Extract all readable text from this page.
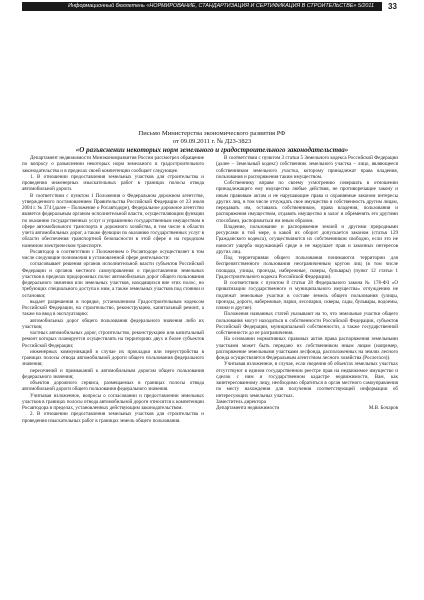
Информационный бюллетень «НОРМИРОВАНИЕ, СТАНДАРТИЗАЦИЯ И СЕРТИФИКАЦИЯ В СТРОИТЕЛЬСТВЕ» 5/2011	33
Письмо Министерства экономического развития РФ
от 09.09.2011 г. № Д23-3823
«О разъяснении некоторых норм земельного и градостроительного законодательства»

Департамент недвижимости Минэкономразвития России рассмотрел обращение по вопросу о разъяснении некоторых норм земельного и градостроительного законодательства и в пределах своей компетенции сообщает следующее.

1. В отношении предоставления земельных участков для строительства и проведения инженерных изыскательных работ в границах полосы отвода автомобильной дороги.

В соответствии с пунктом 1 Положения о Федеральном дорожном агентстве, утвержденного постановлением Правительства Российской Федерации от 23 июля 2004 г. № 374 (далее – Положение о Росавтодоре), Федеральное дорожное агентство является федеральным органом исполнительной власти, осуществляющим функции по оказанию государственных услуг и управлению государственным имуществом в сфере автомобильного транспорта и дорожного хозяйства, в том числе в области учета автомобильных дорог, а также функции по оказанию государственных услуг в области обеспечения транспортной безопасности в этой сфере и на городском наземном электрическом транспорте.

Росавтодор в соответствии с Положением о Росавтодоре осуществляет в том числе следующие полномочия в установленной сфере деятельности:

согласовывает решения органов исполнительной власти субъектов Российской Федерации и органов местного самоуправления о предоставлении земельных участков в пределах придорожных полос автомобильных дорог общего пользования федерального значения или земельных участков, находящихся вне этих полос, но требующих специального доступа к ним, а также земельных участков под стоянки и остановки;

выдает разрешения в порядке, установленном Градостроительным кодексом Российской Федерации, на строительство, реконструкцию, капитальный ремонт, а также на ввод в эксплуатацию:

автомобильных дорог общего пользования федерального значения либо их участков;

частных автомобильных дорог, строительство, реконструкцию или капитальный ремонт которых планируется осуществлять на территориях двух и более субъектов Российской Федерации;

инженерных коммуникаций в случае их прокладки или переустройства в границах полосы отвода автомобильной дороги общего пользования федерального значения;

пересечений и примыканий к автомобильным дорогам общего пользования федерального значения;

объектов дорожного сервиса, размещаемых в границах полосы отвода автомобильной дороги общего пользования федерального значения.

Учитывая изложенное, вопросы о согласовании и предоставлении земельных участков в границах полосы отвода автомобильной дороги относятся к компетенции Росавтодора в пределах, установленных действующим законодательством.

2. В отношении предоставления земельных участков для строительства и проведения изыскательных работ в границах земель общего пользования.

В соответствии с пунктом 3 статьи 5 Земельного кодекса Российской Федерации (далее – Земельный кодекс) собственник земельного участка – лицо, являющееся собственником земельного участка, которому принадлежат права владения, пользования и распоряжения таким имуществом.

Собственнику вправе по своему усмотрению совершать в отношении принадлежащего ему имущества любые действия, не противоречащие закону и иным правовым актам и не нарушающие права и охраняемые законом интересы других лиц, в том числе отчуждать свое имущество в собственность другим лицам, передавать им, оставаясь собственником, права владения, пользования и распоряжения имуществом, отдавать имущество в залог и обременять его другими способами, распоряжаться им иным образом.

Владение, пользование и распоряжение землей и другими природными ресурсами в той мере, в какой их оборот допускается законом (статья 129 Гражданского кодекса), осуществляются их собственником свободно, если это не наносит ущерба окружающей среде и не нарушает прав и законных интересов других лиц.

Под территориями общего пользования понимаются территории для беспрепятственного пользования неограниченным кругом лиц (в том числе площади, улицы, проезды, набережные, скверы, бульвары) (пункт 12 статьи 1 Градостроительного кодекса Российской Федерации).

В соответствии с пунктом 8 статьи 28 Федерального закона № 178-ФЗ «О приватизации государственного и муниципального имущества» отчуждению не подлежат земельные участки в составе земель общего пользования (улицы, проезды, дороги, набережные, парки, лесопарки, скверы, сады, бульвары, водоемы, пляжи и другие).

Положения названных статей указывают на то, что земельные участки общего пользования могут находиться в собственности Российской Федерации, субъектов Российской Федерации, муниципальной собственности, а также государственной собственности до ее разграничения.

На основании нормативных правовых актов права распоряжения земельными участками может быть передано их собственником иным лицам (например, распоряжение земельными участками лесфонда, расположенных на землях лесного фонда осуществляется Федеральным агентством лесного хозяйства (Рослесхоз)).

Учитывая изложенное, в случае, если сведения об объектах земельных участках отсутствуют в едином государственном реестре прав на недвижимое имущество и сделок с ним и государственном кадастре недвижимости, Вам, как заинтересованному лицу, необходимо обратиться в орган местного самоуправления по месту нахождения для получения соответствующей информации об интересующих земельных участках.

Заместитель директора
Департамента недвижимости	М.В. Бочаров
